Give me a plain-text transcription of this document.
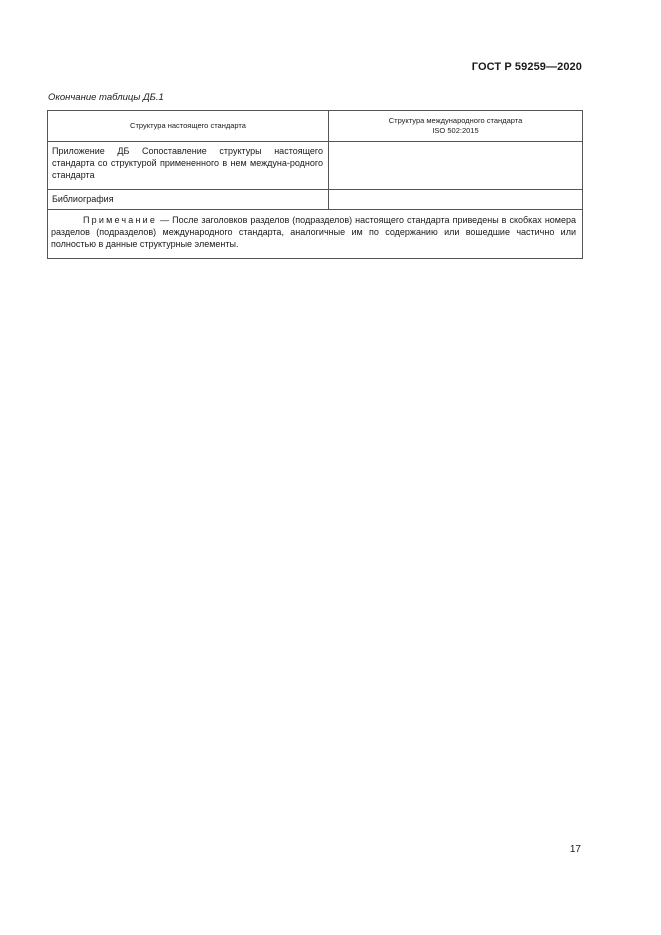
ГОСТ Р 59259—2020
Окончание таблицы ДБ.1
Структура настоящего стандарта	Структура международного стандарта
ISO 502:2015

Приложение ДБ Сопоставление структуры настоящего стандарта со структурой примененного в нем междуна-родного стандарта	

Библиография	

Примечание — После заголовков разделов (подразделов) настоящего стандарта приведены в скобках номера разделов (подразделов) международного стандарта, аналогичные им по содержанию или вошедшие частично или полностью в данные структурные элементы.	
17
